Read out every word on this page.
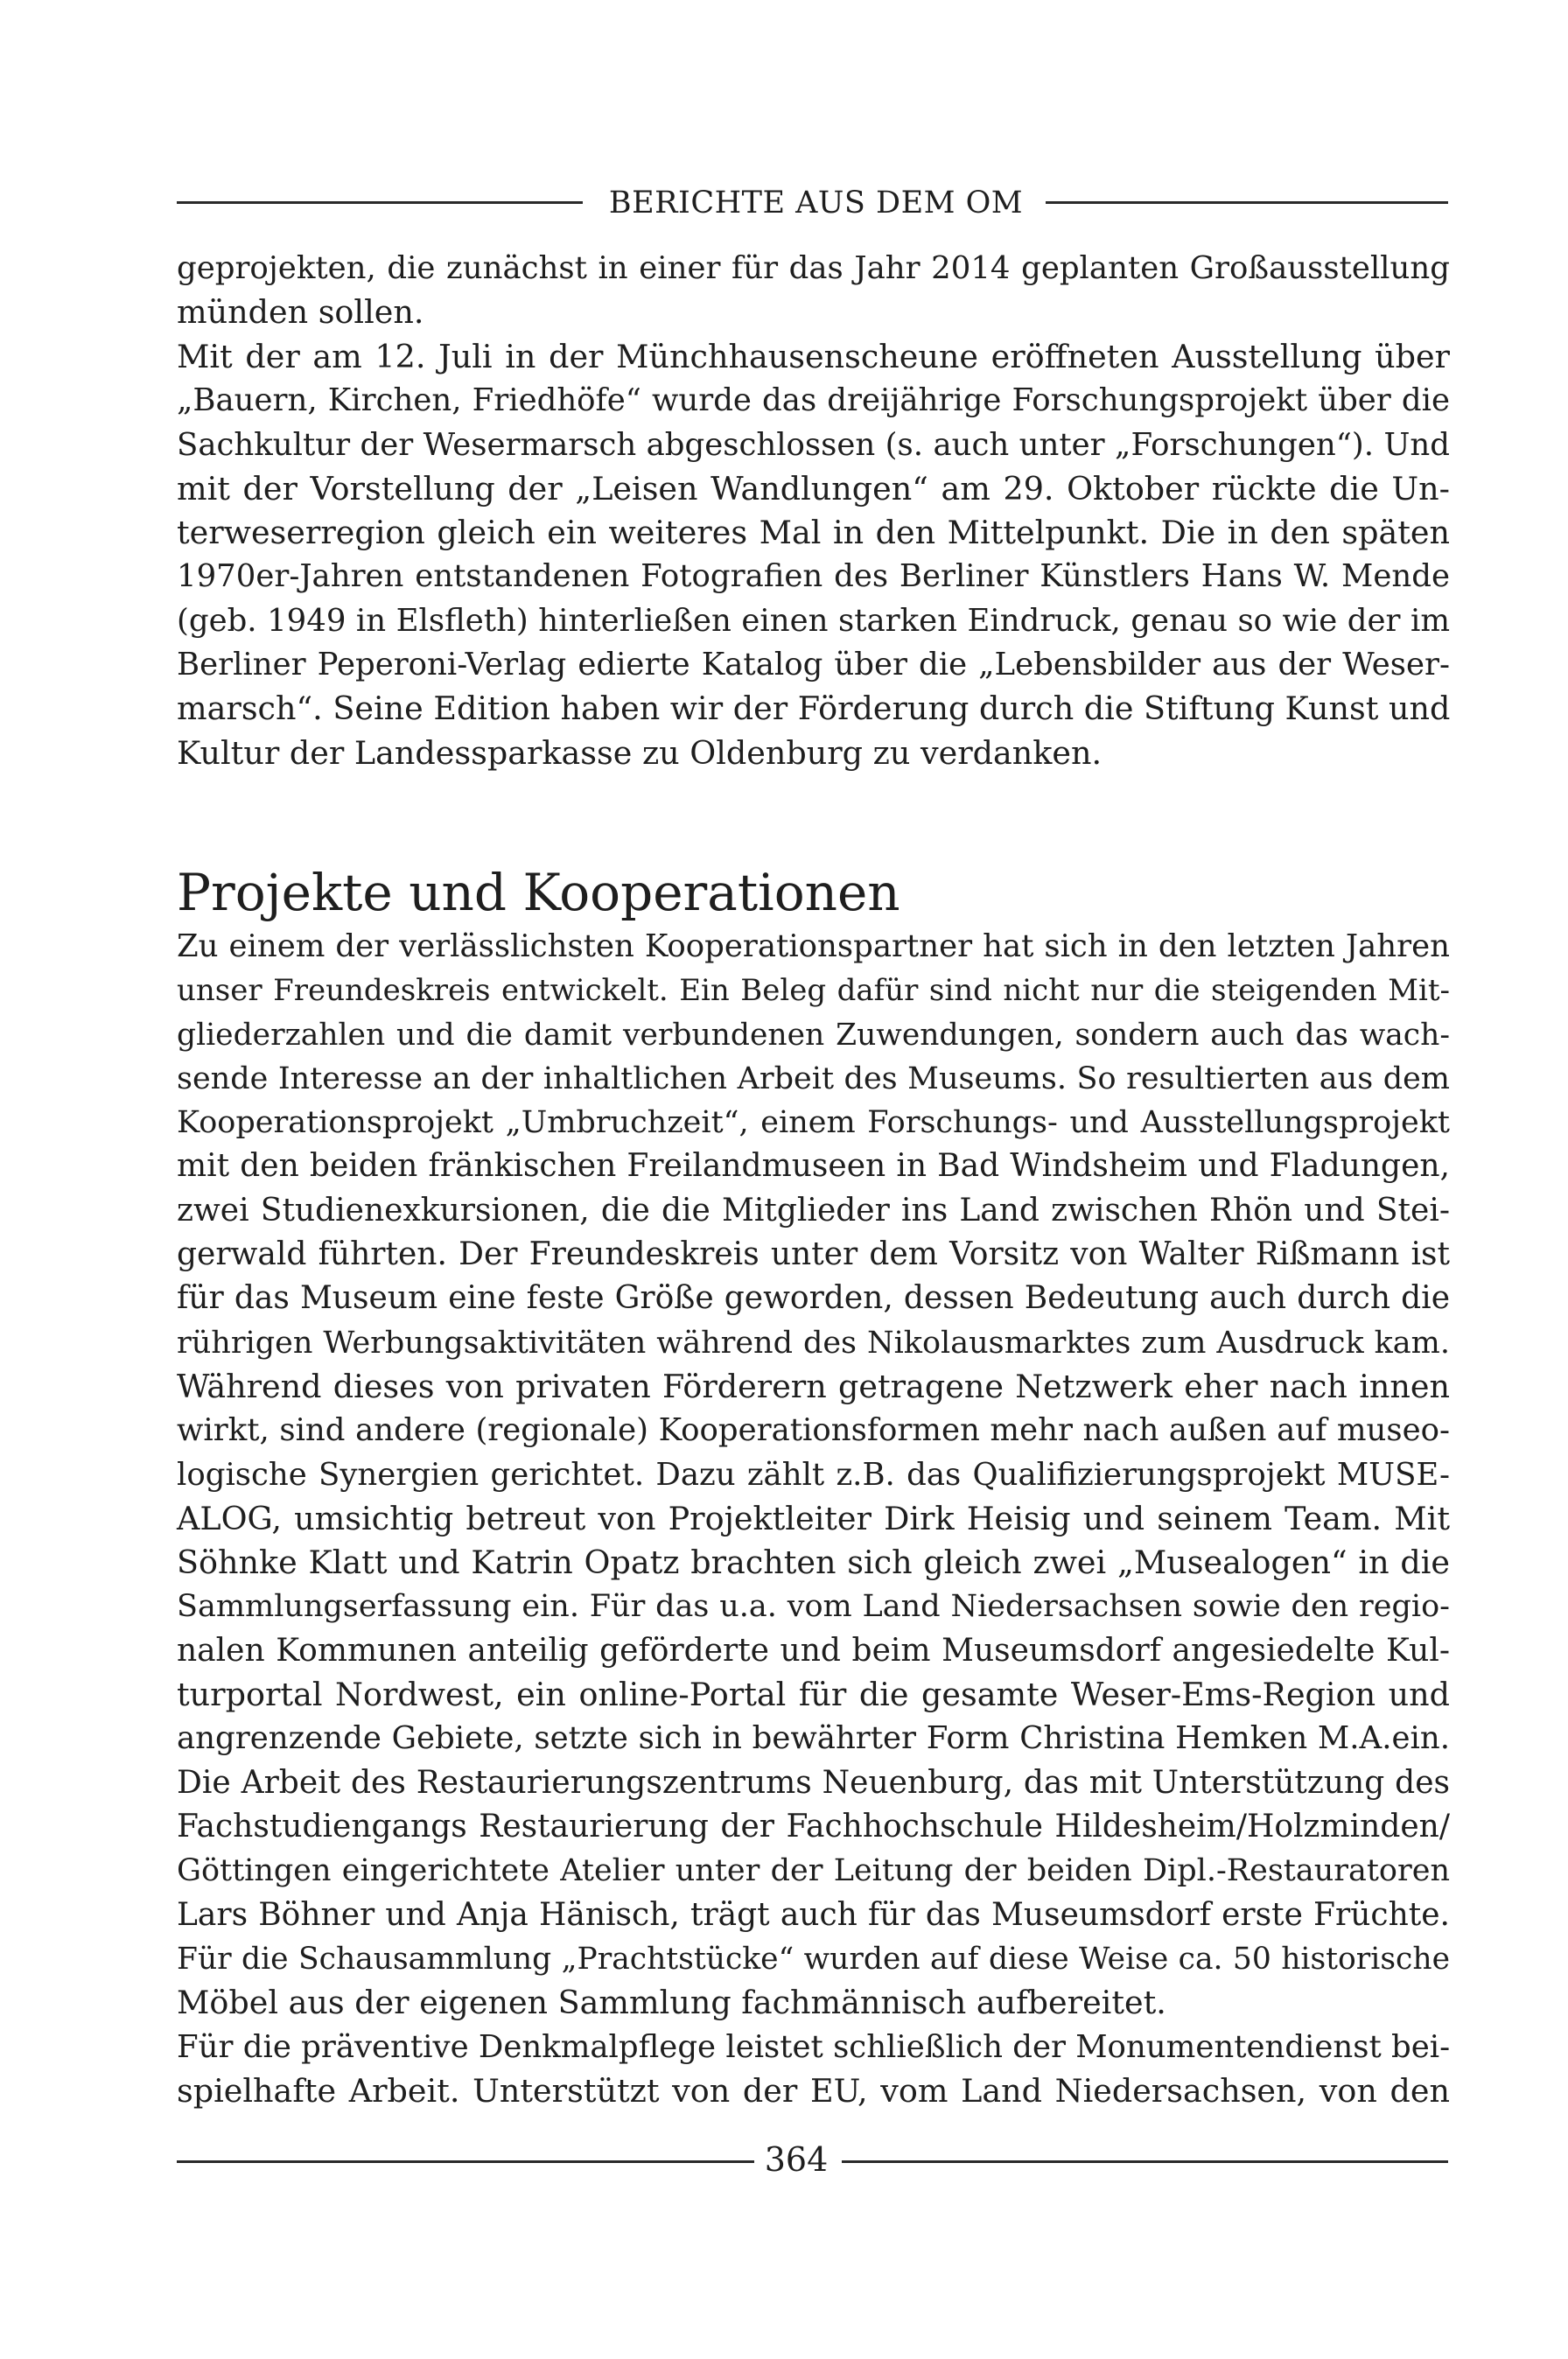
BERICHTE AUS DEM OM
geprojekten, die zunächst in einer für das Jahr 2014 geplanten Großausstellung
münden sollen.
Mit der am 12. Juli in der Münchhausenscheune eröffneten Ausstellung über
„Bauern, Kirchen, Friedhöfe“ wurde das dreijährige Forschungsprojekt über die
Sachkultur der Wesermarsch abgeschlossen (s. auch unter „Forschungen“). Und
mit der Vorstellung der „Leisen Wandlungen“ am 29. Oktober rückte die Un-
terweserregion gleich ein weiteres Mal in den Mittelpunkt. Die in den späten
1970er-Jahren entstandenen Fotografien des Berliner Künstlers Hans W. Mende
(geb. 1949 in Elsfleth) hinterließen einen starken Eindruck, genau so wie der im
Berliner Peperoni-Verlag edierte Katalog über die „Lebensbilder aus der Weser-
marsch“. Seine Edition haben wir der Förderung durch die Stiftung Kunst und
Kultur der Landessparkasse zu Oldenburg zu verdanken.
Projekte und Kooperationen
Zu einem der verlässlichsten Kooperationspartner hat sich in den letzten Jahren
unser Freundeskreis entwickelt. Ein Beleg dafür sind nicht nur die steigenden Mit-
gliederzahlen und die damit verbundenen Zuwendungen, sondern auch das wach-
sende Interesse an der inhaltlichen Arbeit des Museums. So resultierten aus dem
Kooperationsprojekt „Umbruchzeit“, einem Forschungs- und Ausstellungsprojekt
mit den beiden fränkischen Freilandmuseen in Bad Windsheim und Fladungen,
zwei Studienexkursionen, die die Mitglieder ins Land zwischen Rhön und Stei-
gerwald führten. Der Freundeskreis unter dem Vorsitz von Walter Rißmann ist
für das Museum eine feste Größe geworden, dessen Bedeutung auch durch die
rührigen Werbungsaktivitäten während des Nikolausmarktes zum Ausdruck kam.
Während dieses von privaten Förderern getragene Netzwerk eher nach innen
wirkt, sind andere (regionale) Kooperationsformen mehr nach außen auf museo-
logische Synergien gerichtet. Dazu zählt z.B. das Qualifizierungsprojekt MUSE-
ALOG, umsichtig betreut von Projektleiter Dirk Heisig und seinem Team. Mit
Söhnke Klatt und Katrin Opatz brachten sich gleich zwei „Musealogen“ in die
Sammlungserfassung ein. Für das u.a. vom Land Niedersachsen sowie den regio-
nalen Kommunen anteilig geförderte und beim Museumsdorf angesiedelte Kul-
turportal Nordwest, ein online-Portal für die gesamte Weser-Ems-Region und
angrenzende Gebiete, setzte sich in bewährter Form Christina Hemken M.A.ein.
Die Arbeit des Restaurierungszentrums Neuenburg, das mit Unterstützung des
Fachstudiengangs Restaurierung der Fachhochschule Hildesheim/Holzminden/
Göttingen eingerichtete Atelier unter der Leitung der beiden Dipl.-Restauratoren
Lars Böhner und Anja Hänisch, trägt auch für das Museumsdorf erste Früchte.
Für die Schausammlung „Prachtstücke“ wurden auf diese Weise ca. 50 historische
Möbel aus der eigenen Sammlung fachmännisch aufbereitet.
Für die präventive Denkmalpflege leistet schließlich der Monumentendienst bei-
spielhafte Arbeit. Unterstützt von der EU, vom Land Niedersachsen, von den
364
